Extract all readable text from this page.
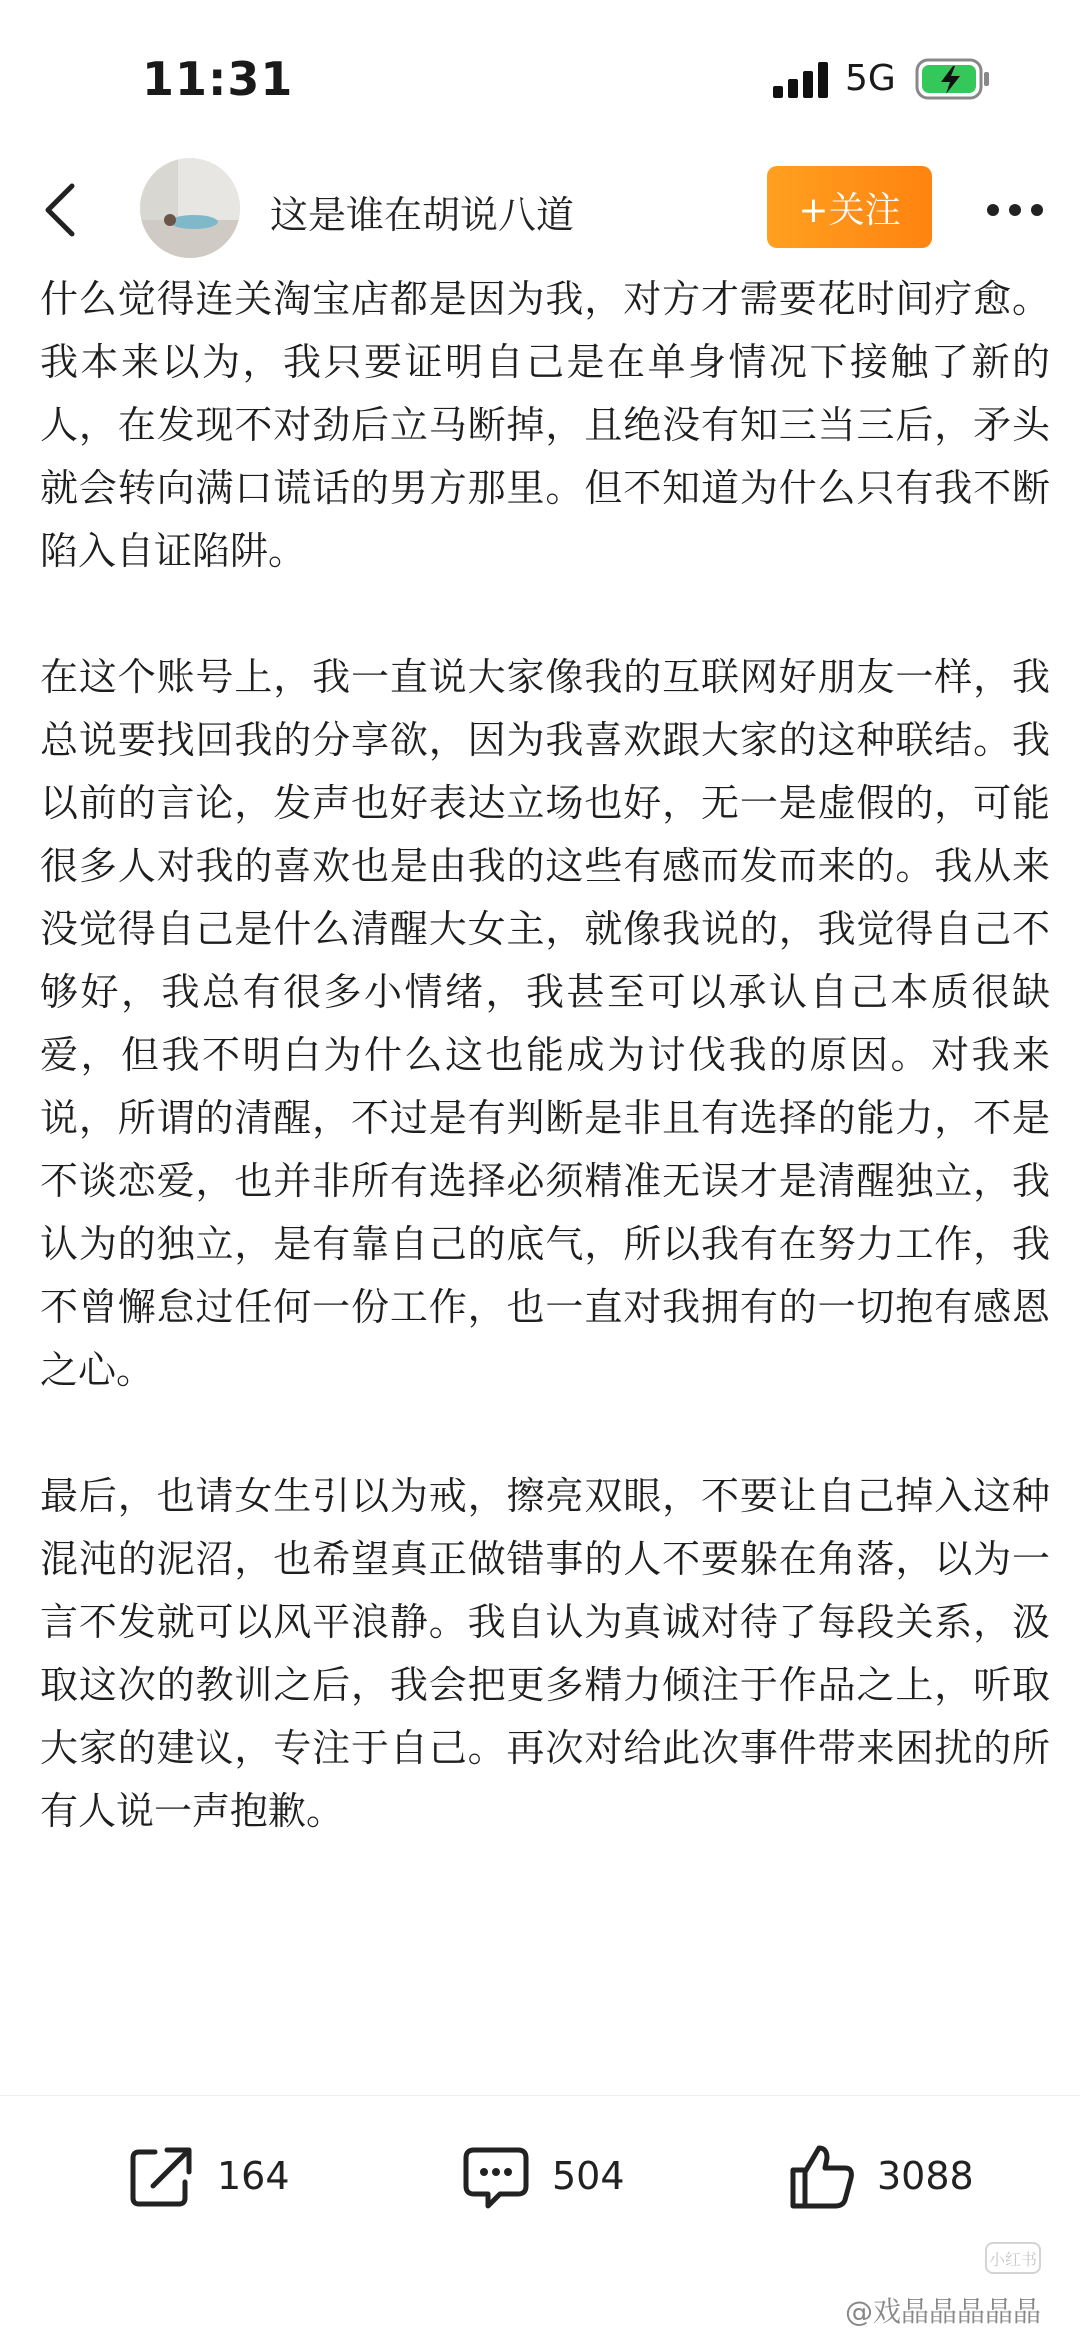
11:31	5G
这是谁在胡说八道	+关注

什么觉得连关淘宝店都是因为我，对方才需要花时间疗愈。我本来以为，我只要证明自己是在单身情况下接触了新的人，在发现不对劲后立马断掉，且绝没有知三当三后，矛头就会转向满口谎话的男方那里。但不知道为什么只有我不断陷入自证陷阱。

在这个账号上，我一直说大家像我的互联网好朋友一样，我总说要找回我的分享欲，因为我喜欢跟大家的这种联结。我以前的言论，发声也好表达立场也好，无一是虚假的，可能很多人对我的喜欢也是由我的这些有感而发而来的。我从来没觉得自己是什么清醒大女主，就像我说的，我觉得自己不够好，我总有很多小情绪，我甚至可以承认自己本质很缺爱，但我不明白为什么这也能成为讨伐我的原因。对我来说，所谓的清醒，不过是有判断是非且有选择的能力，不是不谈恋爱，也并非所有选择必须精准无误才是清醒独立，我认为的独立，是有靠自己的底气，所以我有在努力工作，我不曾懈怠过任何一份工作，也一直对我拥有的一切抱有感恩之心。

最后，也请女生引以为戒，擦亮双眼，不要让自己掉入这种混沌的泥沼，也希望真正做错事的人不要躲在角落，以为一言不发就可以风平浪静。我自认为真诚对待了每段关系，汲取这次的教训之后，我会把更多精力倾注于作品之上，听取大家的建议，专注于自己。再次对给此次事件带来困扰的所有人说一声抱歉。

164	504	3088
小红书
@戏晶晶晶晶晶
